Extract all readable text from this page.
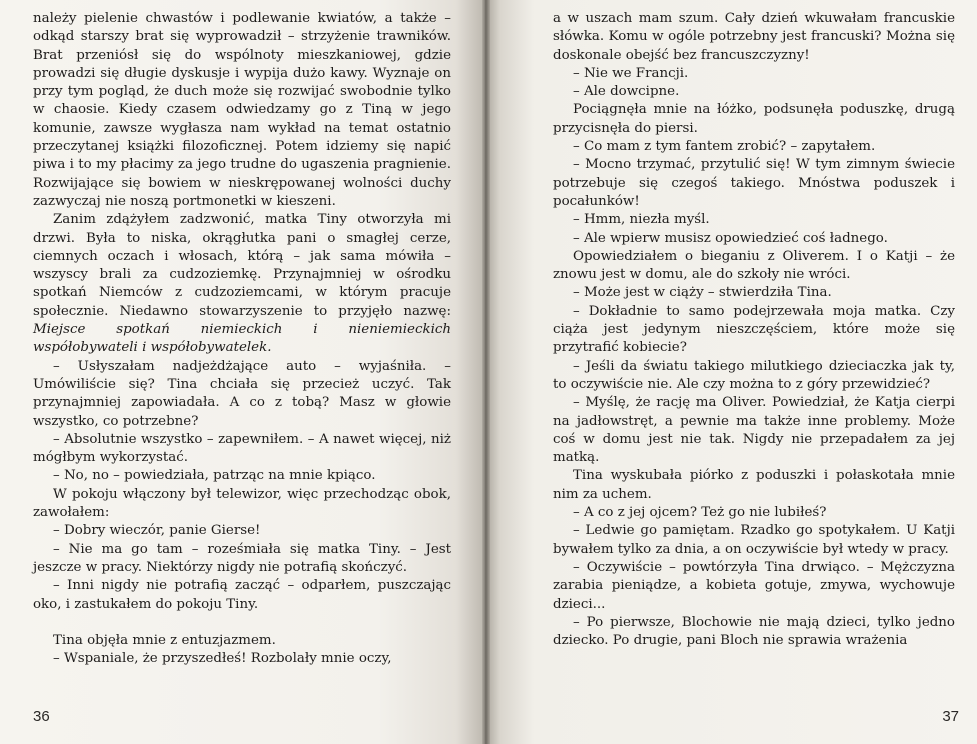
należy pielenie chwastów i podlewanie kwiatów, a także – odkąd starszy brat się wyprowadził – strzyżenie trawników. Brat przeniósł się do wspólnoty mieszkaniowej, gdzie prowadzi się długie dyskusje i wypija dużo kawy. Wyznaje on przy tym pogląd, że duch może się rozwijać swobodnie tylko w chaosie. Kiedy czasem odwiedzamy go z Tiną w jego komunie, zawsze wygłasza nam wykład na temat ostatnio przeczytanej książki filozoficznej. Potem idziemy się napić piwa i to my płacimy za jego trudne do ugaszenia pragnienie. Rozwijające się bowiem w nieskrępowanej wolności duchy zazwyczaj nie noszą portmonetki w kieszeni.

Zanim zdążyłem zadzwonić, matka Tiny otworzyła mi drzwi. Była to niska, okrągłutka pani o smagłej cerze, ciemnych oczach i włosach, którą – jak sama mówiła – wszyscy brali za cudzoziemkę. Przynajmniej w ośrodku spotkań Niemców z cudzoziemcami, w którym pracuje społecznie. Niedawno stowarzyszenie to przyjęło nazwę: Miejsce spotkań niemieckich i nieniemieckich współobywateli i współobywatelek.

– Usłyszałam nadjeżdżające auto – wyjaśniła. – Umówiliście się? Tina chciała się przecież uczyć. Tak przynajmniej zapowiadała. A co z tobą? Masz w głowie wszystko, co potrzebne?

– Absolutnie wszystko – zapewniłem. – A nawet więcej, niż mógłbym wykorzystać.

– No, no – powiedziała, patrząc na mnie kpiąco.

W pokoju włączony był telewizor, więc przechodząc obok, zawołałem:

– Dobry wieczór, panie Gierse!

– Nie ma go tam – roześmiała się matka Tiny. – Jest jeszcze w pracy. Niektórzy nigdy nie potrafią skończyć.

– Inni nigdy nie potrafią zacząć – odparłem, puszczając oko, i zastukałem do pokoju Tiny.

Tina objęła mnie z entuzjazmem.

– Wspaniale, że przyszedłeś! Rozbolały mnie oczy,

36

a w uszach mam szum. Cały dzień wkuwałam francuskie słówka. Komu w ogóle potrzebny jest francuski? Można się doskonale obejść bez francuszczyzny!

– Nie we Francji.

– Ale dowcipne.

Pociągnęła mnie na łóżko, podsunęła poduszkę, drugą przycisnęła do piersi.

– Co mam z tym fantem zrobić? – zapytałem.

– Mocno trzymać, przytulić się! W tym zimnym świecie potrzebuje się czegoś takiego. Mnóstwa poduszek i pocałunków!

– Hmm, niezła myśl.

– Ale wpierw musisz opowiedzieć coś ładnego.

Opowiedziałem o bieganiu z Oliverem. I o Katji – że znowu jest w domu, ale do szkoły nie wróci.

– Może jest w ciąży – stwierdziła Tina.

– Dokładnie to samo podejrzewała moja matka. Czy ciąża jest jedynym nieszczęściem, które może się przytrafić kobiecie?

– Jeśli da światu takiego milutkiego dzieciaczka jak ty, to oczywiście nie. Ale czy można to z góry przewidzieć?

– Myślę, że rację ma Oliver. Powiedział, że Katja cierpi na jadłowstręt, a pewnie ma także inne problemy. Może coś w domu jest nie tak. Nigdy nie przepadałem za jej matką.

Tina wyskubała piórko z poduszki i połaskotała mnie nim za uchem.

– A co z jej ojcem? Też go nie lubiłeś?

– Ledwie go pamiętam. Rzadko go spotykałem. U Katji bywałem tylko za dnia, a on oczywiście był wtedy w pracy.

– Oczywiście – powtórzyła Tina drwiąco. – Mężczyzna zarabia pieniądze, a kobieta gotuje, zmywa, wychowuje dzieci...

– Po pierwsze, Blochowie nie mają dzieci, tylko jedno dziecko. Po drugie, pani Bloch nie sprawia wrażenia

37
